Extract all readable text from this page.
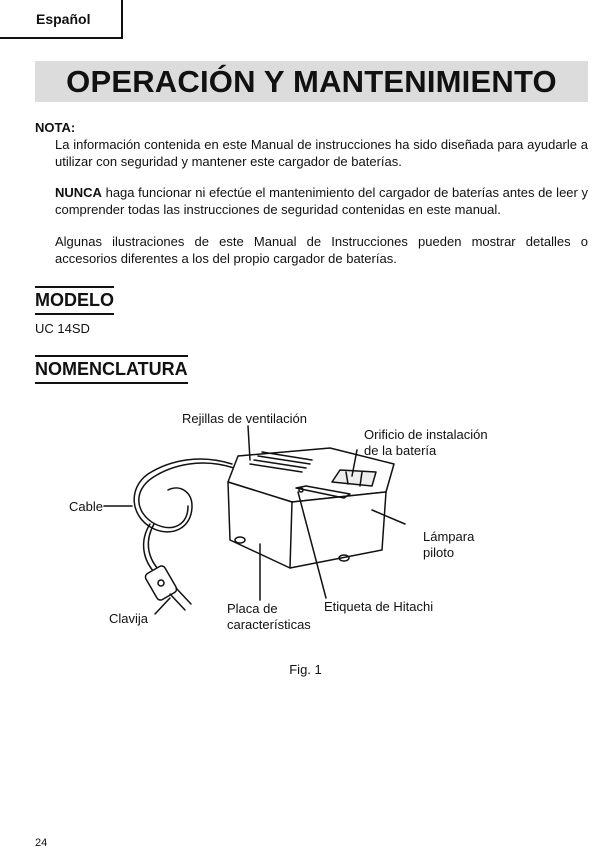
Español
OPERACIÓN Y MANTENIMIENTO
NOTA:

La información contenida en este Manual de instrucciones ha sido diseñada para ayudarle a utilizar con seguridad y mantener este cargador de baterías.

NUNCA haga funcionar ni efectúe el mantenimiento del cargador de baterías antes de leer y comprender todas las instrucciones de seguridad contenidas en este manual.

Algunas ilustraciones de este Manual de Instrucciones pueden mostrar detalles o accesorios diferentes a los del propio cargador de baterías.

MODELO
UC 14SD
NOMENCLATURA
Rejillas de ventilación
Orificio de instalación
de la batería
Cable
Lámpara
piloto
Clavija
Placa de
características
Etiqueta de Hitachi
Fig. 1
24
